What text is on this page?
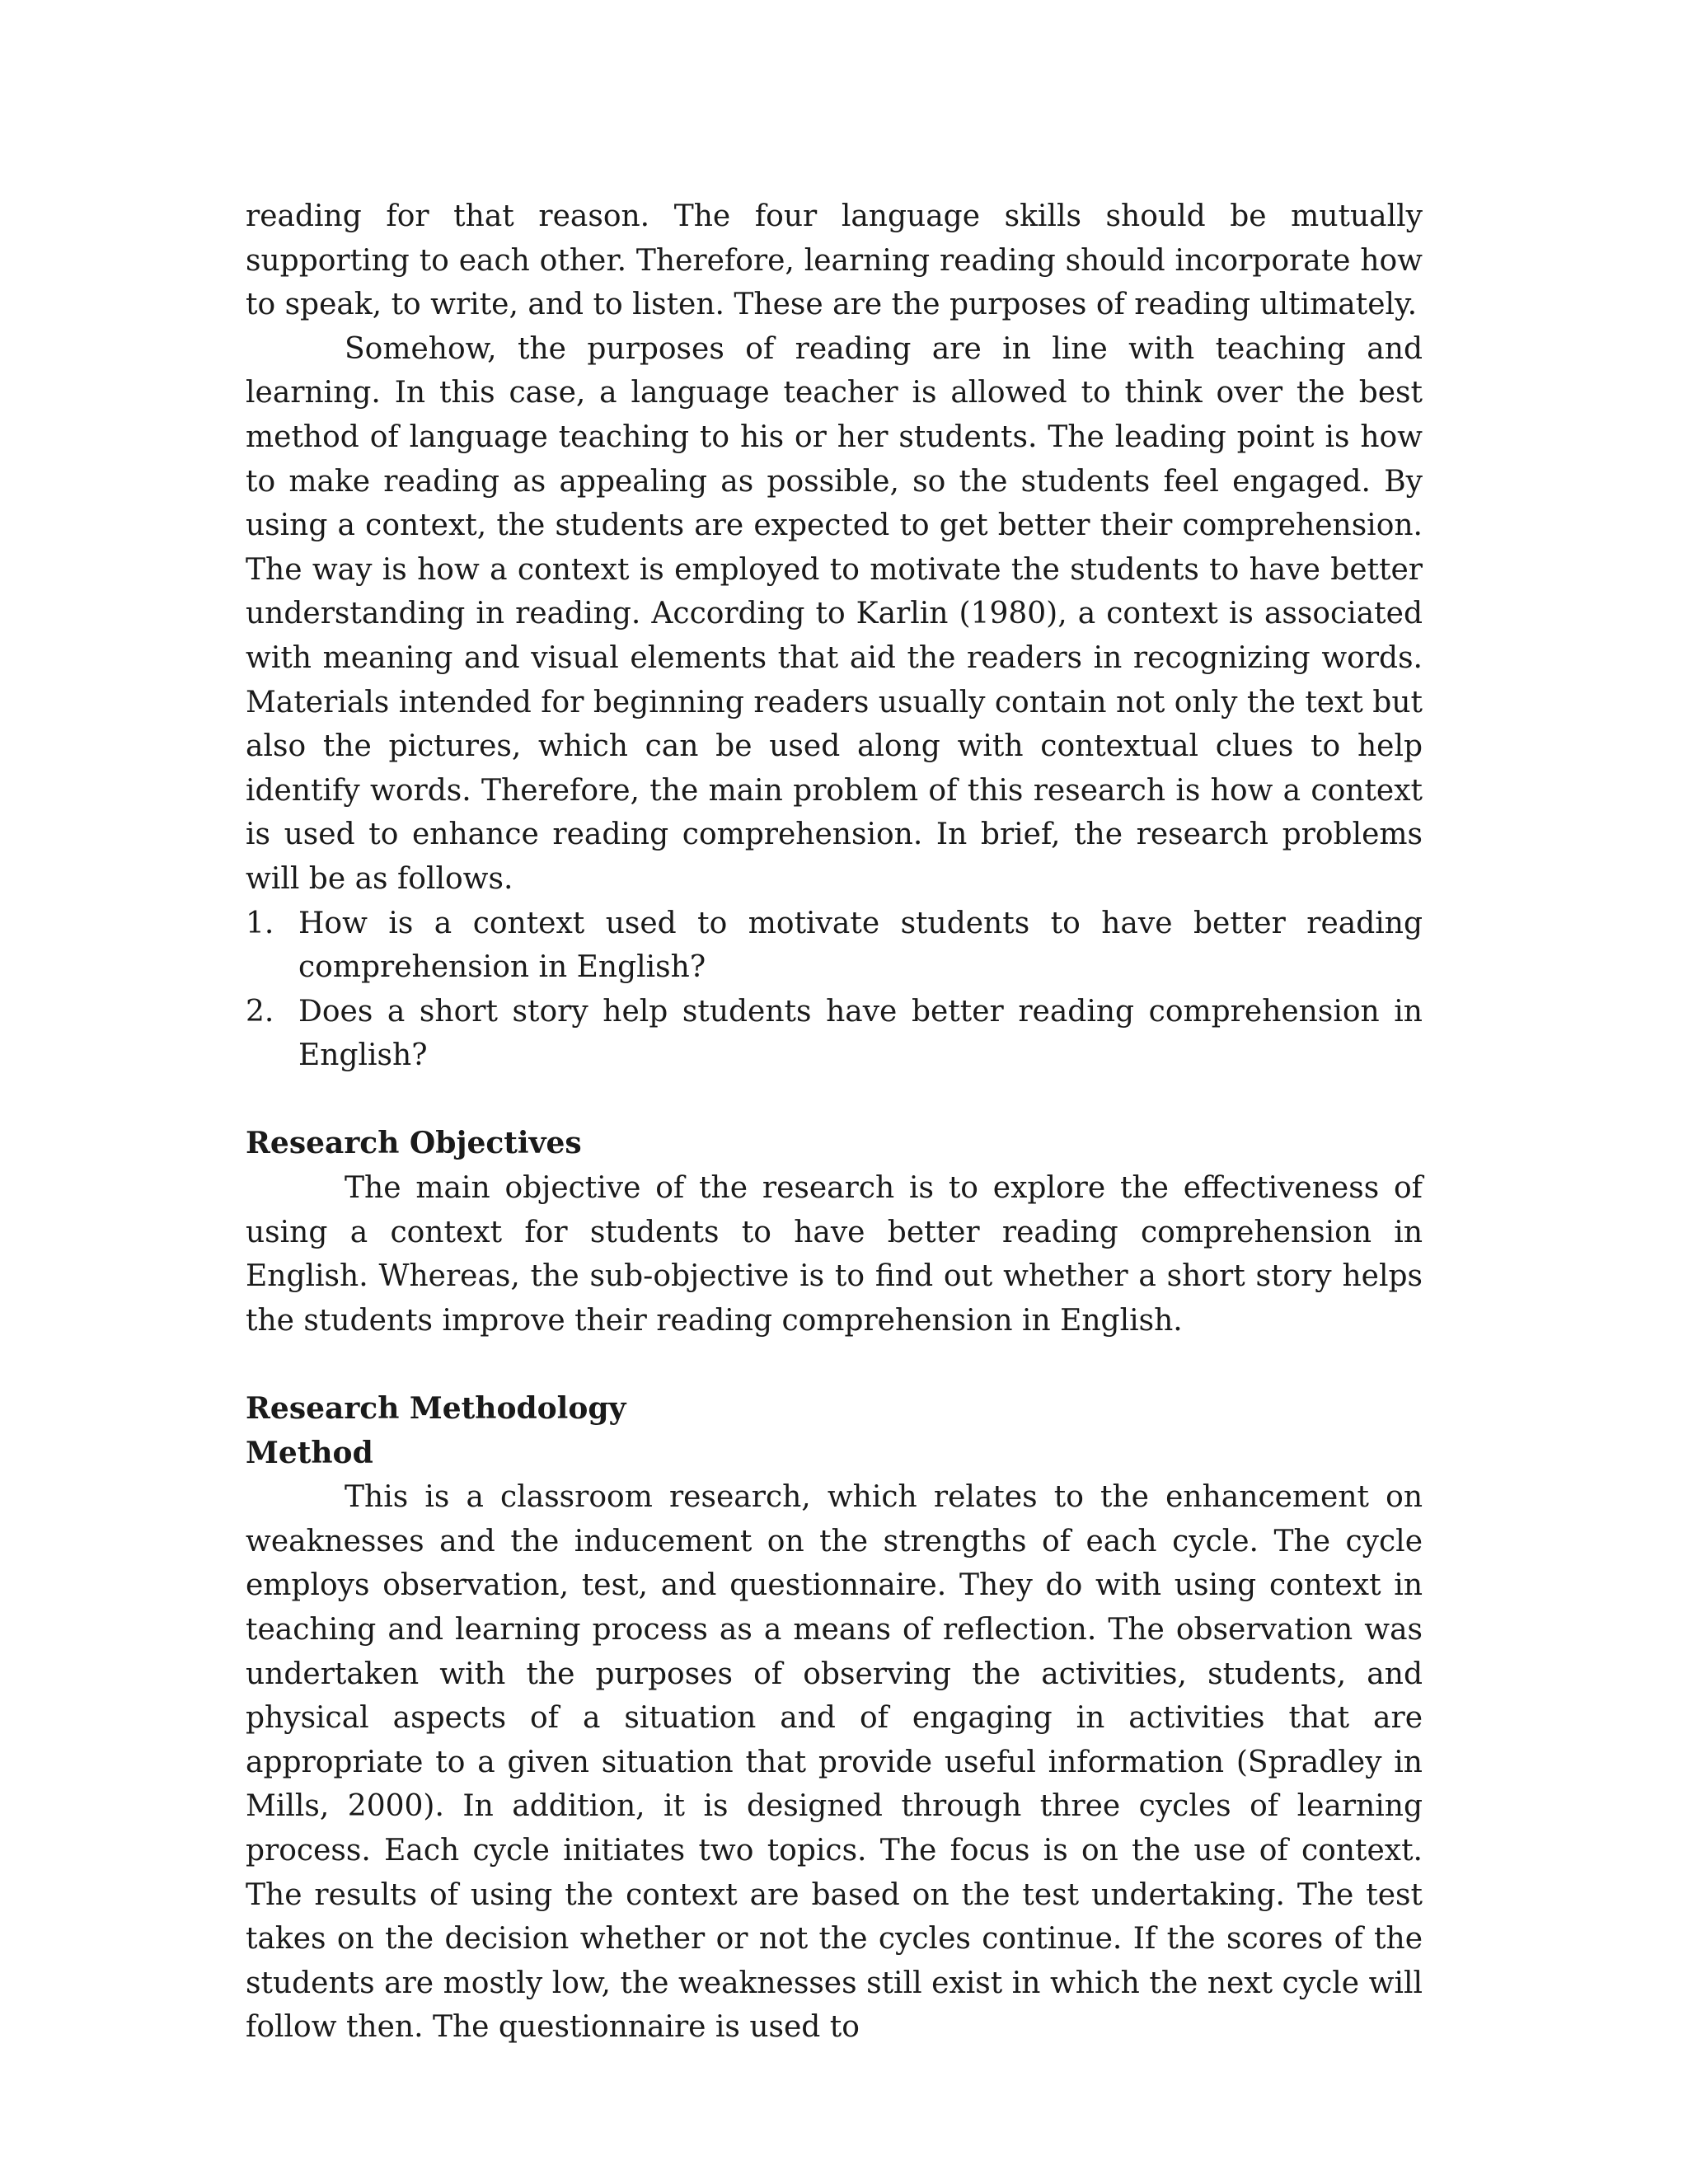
reading for that reason. The four language skills should be mutually supporting to each other. Therefore, learning reading should incorporate how to speak, to write, and to listen. These are the purposes of reading ultimately.

Somehow, the purposes of reading are in line with teaching and learning. In this case, a language teacher is allowed to think over the best method of language teaching to his or her students. The leading point is how to make reading as appealing as possible, so the students feel engaged. By using a context, the students are expected to get better their comprehension. The way is how a context is employed to motivate the students to have better understanding in reading. According to Karlin (1980), a context is associated with meaning and visual elements that aid the readers in recognizing words. Materials intended for beginning readers usually contain not only the text but also the pictures, which can be used along with contextual clues to help identify words. Therefore, the main problem of this research is how a context is used to enhance reading comprehension. In brief, the research problems will be as follows.

1. How is a context used to motivate students to have better reading comprehension in English?
2. Does a short story help students have better reading comprehension in English?
Research Objectives

The main objective of the research is to explore the effectiveness of using a context for students to have better reading comprehension in English. Whereas, the sub-objective is to find out whether a short story helps the students improve their reading comprehension in English.

Research Methodology
Method

This is a classroom research, which relates to the enhancement on weaknesses and the inducement on the strengths of each cycle. The cycle employs observation, test, and questionnaire. They do with using context in teaching and learning process as a means of reflection. The observation was undertaken with the purposes of observing the activities, students, and physical aspects of a situation and of engaging in activities that are appropriate to a given situation that provide useful information (Spradley in Mills, 2000). In addition, it is designed through three cycles of learning process. Each cycle initiates two topics. The focus is on the use of context. The results of using the context are based on the test undertaking. The test takes on the decision whether or not the cycles continue. If the scores of the students are mostly low, the weaknesses still exist in which the next cycle will follow then. The questionnaire is used to
